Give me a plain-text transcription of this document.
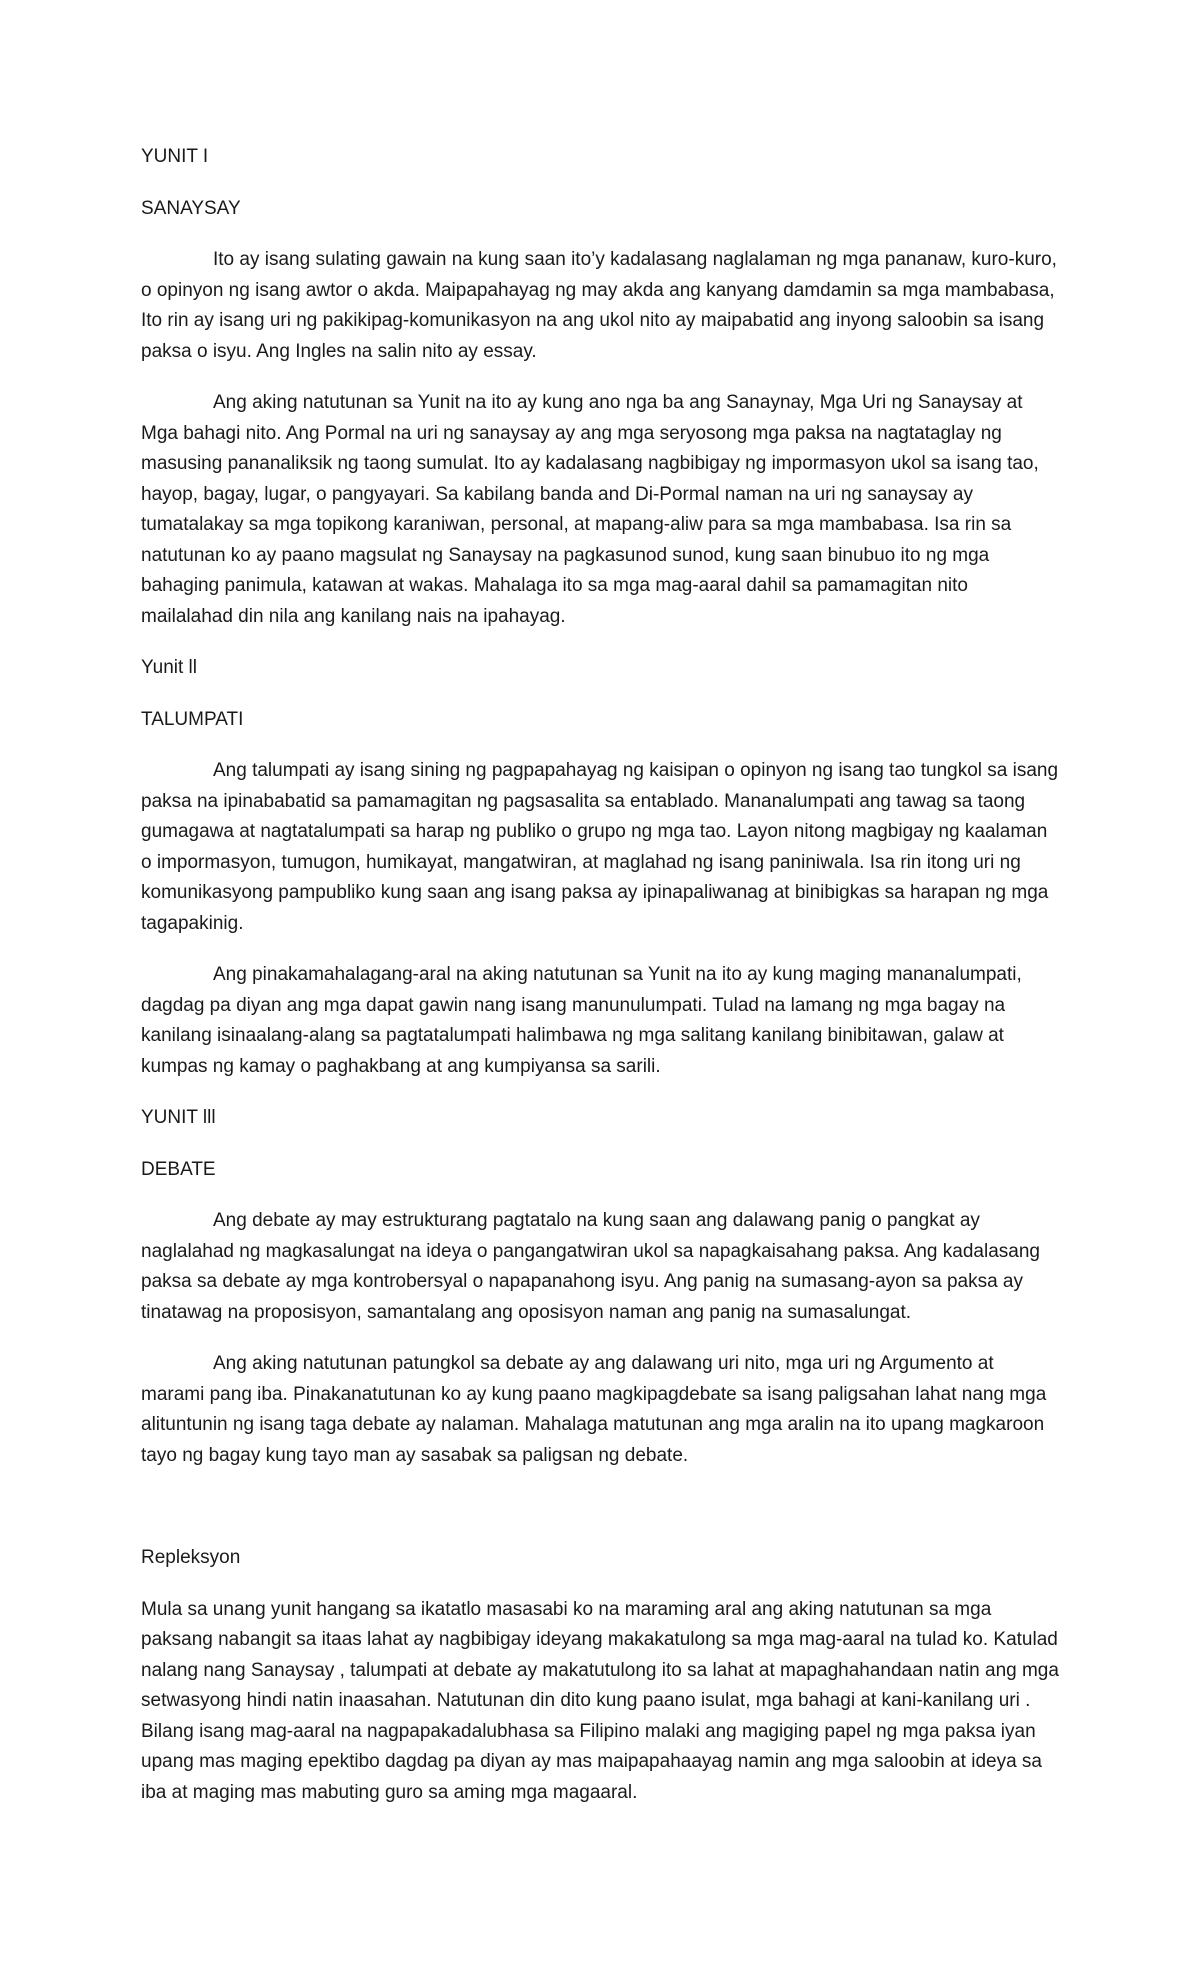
YUNIT I
SANAYSAY

Ito ay isang sulating gawain na kung saan ito’y kadalasang naglalaman ng mga pananaw, kuro-kuro, o opinyon ng isang awtor o akda. Maipapahayag ng may akda ang kanyang damdamin sa mga mambabasa, Ito rin ay isang uri ng pakikipag-komunikasyon na ang ukol nito ay maipabatid ang inyong saloobin sa isang paksa o isyu. Ang Ingles na salin nito ay essay.

Ang aking natutunan sa Yunit na ito ay kung ano nga ba ang Sanaynay, Mga Uri ng Sanaysay at Mga bahagi nito. Ang Pormal na uri ng sanaysay ay ang mga seryosong mga paksa na nagtataglay ng masusing pananaliksik ng taong sumulat. Ito ay kadalasang nagbibigay ng impormasyon ukol sa isang tao, hayop, bagay, lugar, o pangyayari. Sa kabilang banda and Di-Pormal naman na uri ng sanaysay ay tumatalakay sa mga topikong karaniwan, personal, at mapang-aliw para sa mga mambabasa. Isa rin sa natutunan ko ay paano magsulat ng Sanaysay na pagkasunod sunod, kung saan binubuo ito ng mga bahaging panimula, katawan at wakas. Mahalaga ito sa mga mag-aaral dahil sa pamamagitan nito mailalahad din nila ang kanilang nais na ipahayag.

Yunit ll
TALUMPATI

Ang talumpati ay isang sining ng pagpapahayag ng kaisipan o opinyon ng isang tao tungkol sa isang paksa na ipinababatid sa pamamagitan ng pagsasalita sa entablado. Mananalumpati ang tawag sa taong gumagawa at nagtatalumpati sa harap ng publiko o grupo ng mga tao. Layon nitong magbigay ng kaalaman o impormasyon, tumugon, humikayat, mangatwiran, at maglahad ng isang paniniwala. Isa rin itong uri ng komunikasyong pampubliko kung saan ang isang paksa ay ipinapaliwanag at binibigkas sa harapan ng mga tagapakinig.

Ang pinakamahalagang-aral na aking natutunan sa Yunit na ito ay kung maging mananalumpati, dagdag pa diyan ang mga dapat gawin nang isang manunulumpati. Tulad na lamang ng mga bagay na kanilang isinaalang-alang sa pagtatalumpati halimbawa ng mga salitang kanilang binibitawan, galaw at kumpas ng kamay o paghakbang at ang kumpiyansa sa sarili.

YUNIT lll
DEBATE

Ang debate ay may estrukturang pagtatalo na kung saan ang dalawang panig o pangkat ay naglalahad ng magkasalungat na ideya o pangangatwiran ukol sa napagkaisahang paksa. Ang kadalasang paksa sa debate ay mga kontrobersyal o napapanahong isyu. Ang panig na sumasang-ayon sa paksa ay tinatawag na proposisyon, samantalang ang oposisyon naman ang panig na sumasalungat.

Ang aking natutunan patungkol sa debate ay ang dalawang uri nito, mga uri ng Argumento at marami pang iba. Pinakanatutunan ko ay kung paano magkipagdebate sa isang paligsahan lahat nang mga alituntunin ng isang taga debate ay nalaman. Mahalaga matutunan ang mga aralin na ito upang magkaroon tayo ng bagay kung tayo man ay sasabak sa paligsan ng debate.

Repleksyon

Mula sa unang yunit hangang sa ikatatlo masasabi ko na maraming aral ang aking natutunan sa mga paksang nabangit sa itaas lahat ay nagbibigay ideyang makakatulong sa mga mag-aaral na tulad ko. Katulad nalang nang Sanaysay , talumpati at debate ay makatutulong ito sa lahat at mapaghahandaan natin ang mga setwasyong hindi natin inaasahan. Natutunan din dito kung paano isulat, mga bahagi at kani-kanilang uri . Bilang isang mag-aaral na nagpapakadalubhasa sa Filipino malaki ang magiging papel ng mga paksa iyan upang mas maging epektibo dagdag pa diyan ay mas maipapahaayag namin ang mga saloobin at ideya sa iba at maging mas mabuting guro sa aming mga magaaral.
